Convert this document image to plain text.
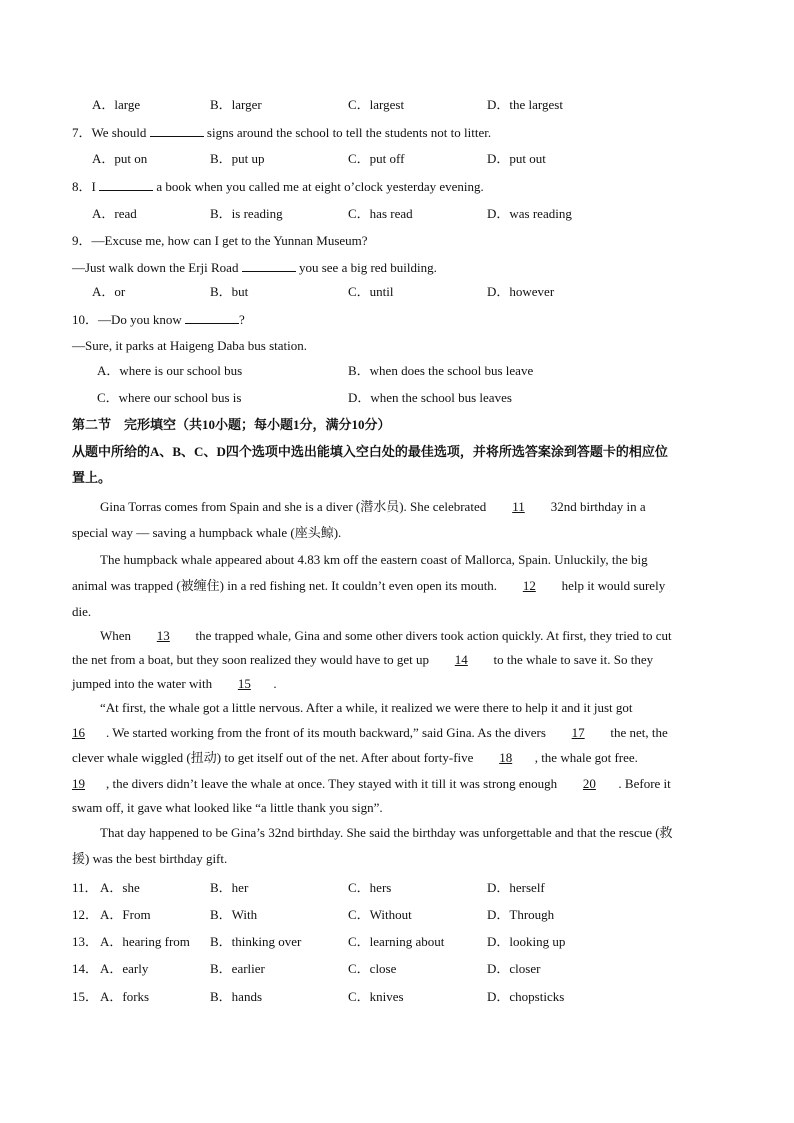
A．large	B．larger	C．largest	D．the largest
7．We should	signs around the school to tell the students not to litter.
A．put on	B．put up	C．put off	D．put out
8．I	a book when you called me at eight o’clock yesterday evening.
A．read	B．is reading	C．has read	D．was reading
9．—Excuse me, how can I get to the Yunnan Museum?
—Just walk down the Erji Road	you see a big red building.
A．or	B．but	C．until	D．however
10．—Do you know	?
—Sure, it parks at Haigeng Daba bus station.
A．where is our school bus	B．when does the school bus leave
C．where our school bus is	D．when the school bus leaves
第二节　完形填空（共10小题；每小题1分，满分10分）
从题中所给的A、B、C、D四个选项中选出能填入空白处的最佳选项，并将所选答案涂到答题卡的相应位
置上。
Gina Torras comes from Spain and she is a diver (潜水员). She celebrated 11 32nd birthday in a
special way — saving a humpback whale (座头鲸).
The humpback whale appeared about 4.83 km off the eastern coast of Mallorca, Spain. Unluckily, the big
animal was trapped (被缠住) in a red fishing net. It couldn’t even open its mouth. 12 help it would surely
die.
When 13 the trapped whale, Gina and some other divers took action quickly. At first, they tried to cut
the net from a boat, but they soon realized they would have to get up 14 to the whale to save it. So they
jumped into the water with 15 .
“At first, the whale got a little nervous. After a while, it realized we were there to help it and it just got
16 . We started working from the front of its mouth backward,” said Gina. As the divers 17 the net, the
clever whale wiggled (扭动) to get itself out of the net. After about forty-five 18 , the whale got free.
19 , the divers didn’t leave the whale at once. They stayed with it till it was strong enough 20 . Before it
swam off, it gave what looked like “a little thank you sign”.
That day happened to be Gina’s 32nd birthday. She said the birthday was unforgettable and that the rescue (救
援) was the best birthday gift.
11． A．she	B．her	C．hers	D．herself
12． A．From	B．With	C．Without	D．Through
13． A．hearing from B．thinking over	C．learning about	D．looking up
14． A．early	B．earlier	C．close	D．closer
15． A．forks	B．hands	C．knives	D．chopsticks
